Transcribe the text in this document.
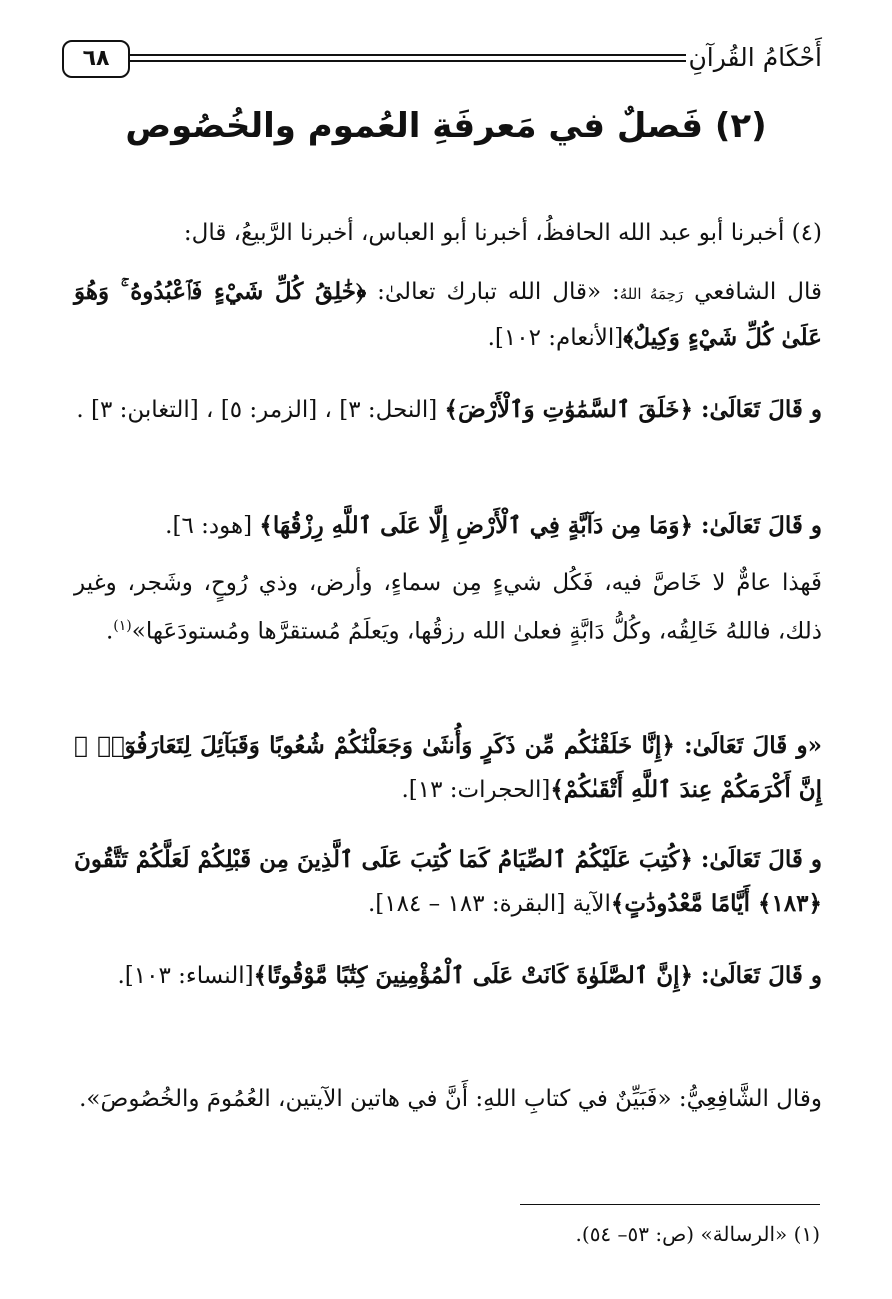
٦٨	أَحْكَامُ القُرآنِ
(٢) فَصلٌ في مَعرفَةِ العُموم والخُصُوص
(٤) أخبرنا أبو عبد الله الحافظُ، أخبرنا أبو العباس، أخبرنا الرَّبيعُ، قال:
قال الشافعي رَحِمَهُ اللهُ: «قال الله تبارك تعالىٰ: ﴿خَٰلِقُ كُلِّ شَيْءٍ فَٱعْبُدُوهُ ۚ وَهُوَ عَلَىٰ كُلِّ شَيْءٍ وَكِيلٌ﴾[الأنعام: ١٠٢].
و قَالَ تَعَالَىٰ: ﴿خَلَقَ ٱلسَّمَٰوَٰتِ وَٱلْأَرْضَ﴾ [النحل: ٣] ، [الزمر: ٥] ، [التغابن: ٣] .
و قَالَ تَعَالَىٰ: ﴿وَمَا مِن دَآبَّةٍ فِي ٱلْأَرْضِ إِلَّا عَلَى ٱللَّهِ رِزْقُهَا﴾ [هود: ٦].
فَهذا عامٌّ لا خَاصَّ فيه، فَكُل شيءٍ مِن سماءٍ، وأرض، وذي رُوحٍ، وشَجر، وغير ذلك، فاللهُ خَالِقُه، وكُلُّ دَابَّةٍ فعلىٰ الله رزقُها، ويَعلَمُ مُستقرَّها ومُستودَعَها»$^{(١)}$.
«و قَالَ تَعَالَىٰ: ﴿إِنَّا خَلَقْنَٰكُم مِّن ذَكَرٍ وَأُنثَىٰ وَجَعَلْنَٰكُمْ شُعُوبًا وَقَبَآئِلَ لِتَعَارَفُوٓا۟ ۚ إِنَّ أَكْرَمَكُمْ عِندَ ٱللَّهِ أَتْقَىٰكُمْ﴾[الحجرات: ١٣].
و قَالَ تَعَالَىٰ: ﴿كُتِبَ عَلَيْكُمُ ٱلصِّيَامُ كَمَا كُتِبَ عَلَى ٱلَّذِينَ مِن قَبْلِكُمْ لَعَلَّكُمْ تَتَّقُونَ ﴿١٨٣﴾ أَيَّامًا مَّعْدُودَٰتٍ﴾الآية [البقرة: ١٨٣ – ١٨٤].
و قَالَ تَعَالَىٰ: ﴿إِنَّ ٱلصَّلَوٰةَ كَانَتْ عَلَى ٱلْمُؤْمِنِينَ كِتَٰبًا مَّوْقُوتًا﴾[النساء: ١٠٣].
وقال الشَّافِعِيُّ: «فَبَيِّنٌ في كتابِ اللهِ: أَنَّ في هاتين الآيتين، العُمُومَ والخُصُوصَ».
(١) «الرسالة» (ص: ٥٣– ٥٤).
